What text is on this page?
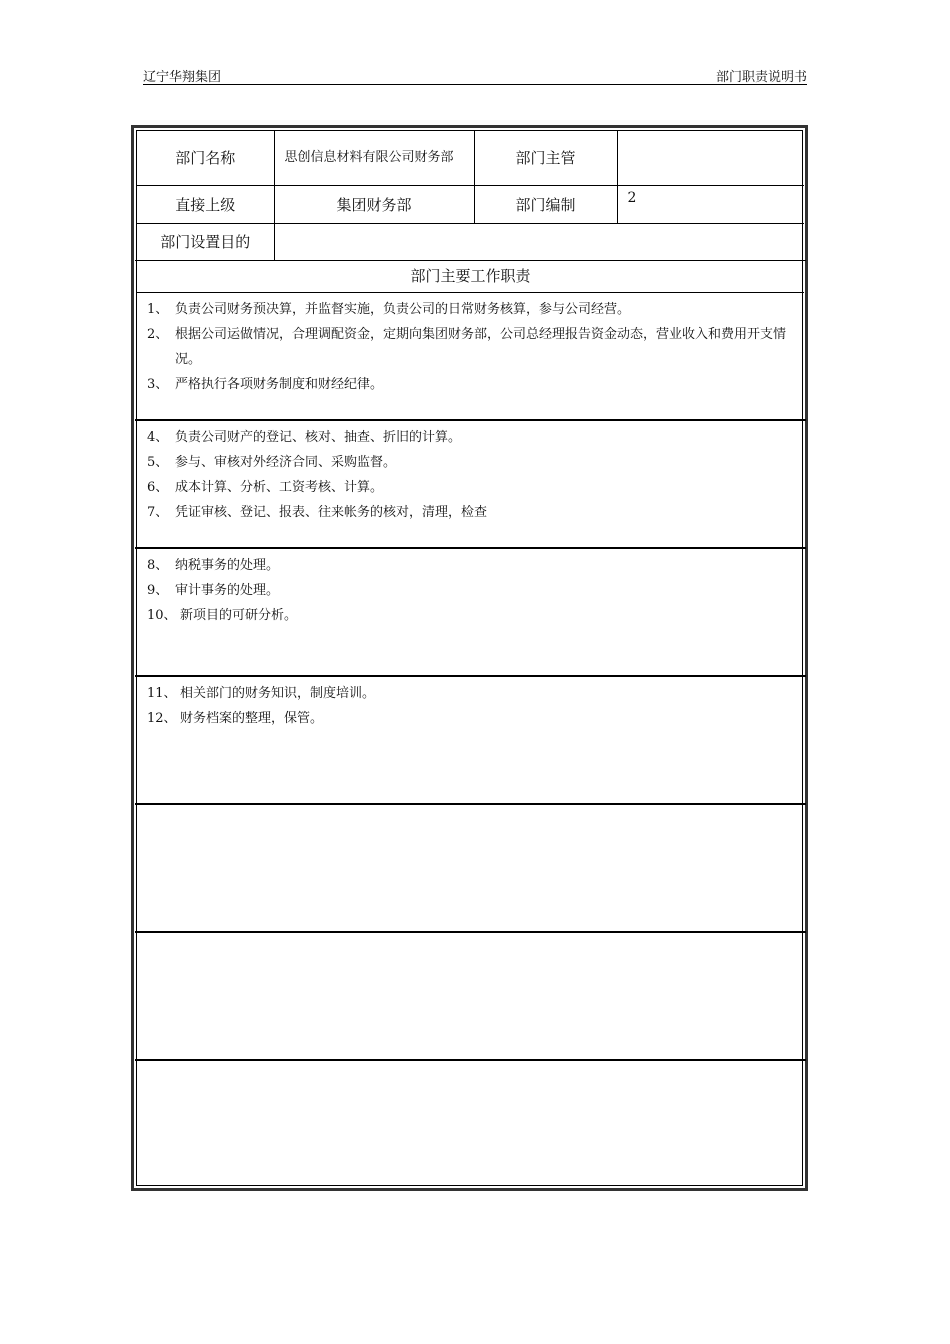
辽宁华翔集团	部门职责说明书
部门名称	思创信息材料有限公司财务部	部门主管	
直接上级	集团财务部	部门编制	2
部门设置目的			
部门主要工作职责
1、 负责公司财务预决算，并监督实施，负责公司的日常财务核算，参与公司经营。
2、 根据公司运做情况，合理调配资金，定期向集团财务部，公司总经理报告资金动态，营业收入和费用开支情况。
3、 严格执行各项财务制度和财经纪律。
4、 负责公司财产的登记、核对、抽查、折旧的计算。
5、 参与、审核对外经济合同、采购监督。
6、 成本计算、分析、工资考核、计算。
7、 凭证审核、登记、报表、往来帐务的核对，清理，检查
8、 纳税事务的处理。
9、 审计事务的处理。
10、 新项目的可研分析。
11、 相关部门的财务知识，制度培训。
12、 财务档案的整理，保管。
